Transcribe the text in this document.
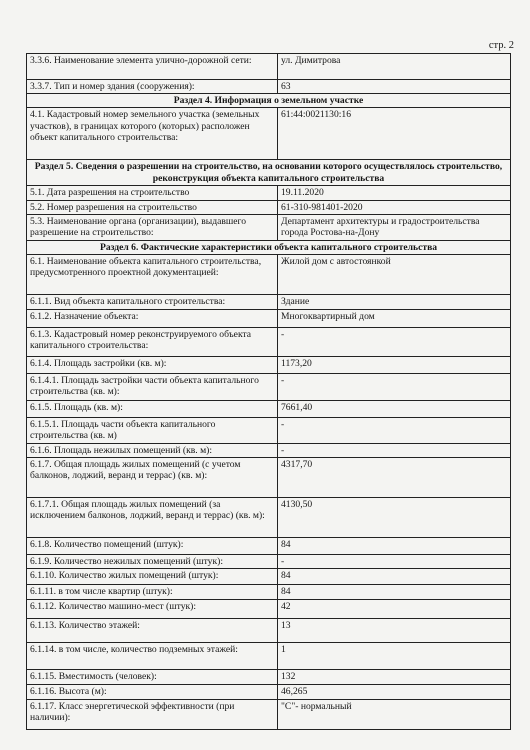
стр. 2
3.3.6. Наименование элемента улично-дорожной сети:	ул. Димитрова
3.3.7. Тип и номер здания (сооружения):	63
Раздел 4. Информация о земельном участке	
4.1. Кадастровый номер земельного участка (земельных участков), в границах которого (которых) расположен объект капитального строительства:	61:44:0021130:16
Раздел 5. Сведения о разрешении на строительство, на основании которого осуществлялось строительство, реконструкция объекта капитального строительства	
5.1. Дата разрешения на строительство	19.11.2020
5.2. Номер разрешения на строительство	61-310-981401-2020
5.3. Наименование органа (организации), выдавшего разрешение на строительство:	Департамент архитектуры и градостроительства города Ростова-на-Дону
Раздел 6. Фактические характеристики объекта капитального строительства	
6.1. Наименование объекта капитального строительства, предусмотренного проектной документацией:	Жилой дом с автостоянкой
6.1.1. Вид объекта капитального строительства:	Здание
6.1.2. Назначение объекта:	Многоквартирный дом
6.1.3. Кадастровый номер реконструируемого объекта капитального строительства:	-
6.1.4. Площадь застройки (кв. м):	1173,20
6.1.4.1. Площадь застройки части объекта капитального строительства (кв. м):	-
6.1.5. Площадь (кв. м):	7661,40
6.1.5.1. Площадь части объекта капитального строительства (кв. м)	-
6.1.6. Площадь нежилых помещений (кв. м):	-
6.1.7. Общая площадь жилых помещений (с учетом балконов, лоджий, веранд и террас) (кв. м):	4317,70
6.1.7.1. Общая площадь жилых помещений (за исключением балконов, лоджий, веранд и террас) (кв. м):	4130,50
6.1.8. Количество помещений (штук):	84
6.1.9. Количество нежилых помещений (штук):	-
6.1.10. Количество жилых помещений (штук):	84
6.1.11. в том числе квартир (штук):	84
6.1.12. Количество машино-мест (штук):	42
6.1.13. Количество этажей:	13
6.1.14. в том числе, количество подземных этажей:	1
6.1.15. Вместимость (человек):	132
6.1.16. Высота (м):	46,265
6.1.17. Класс энергетической эффективности (при наличии):	"С"- нормальный
